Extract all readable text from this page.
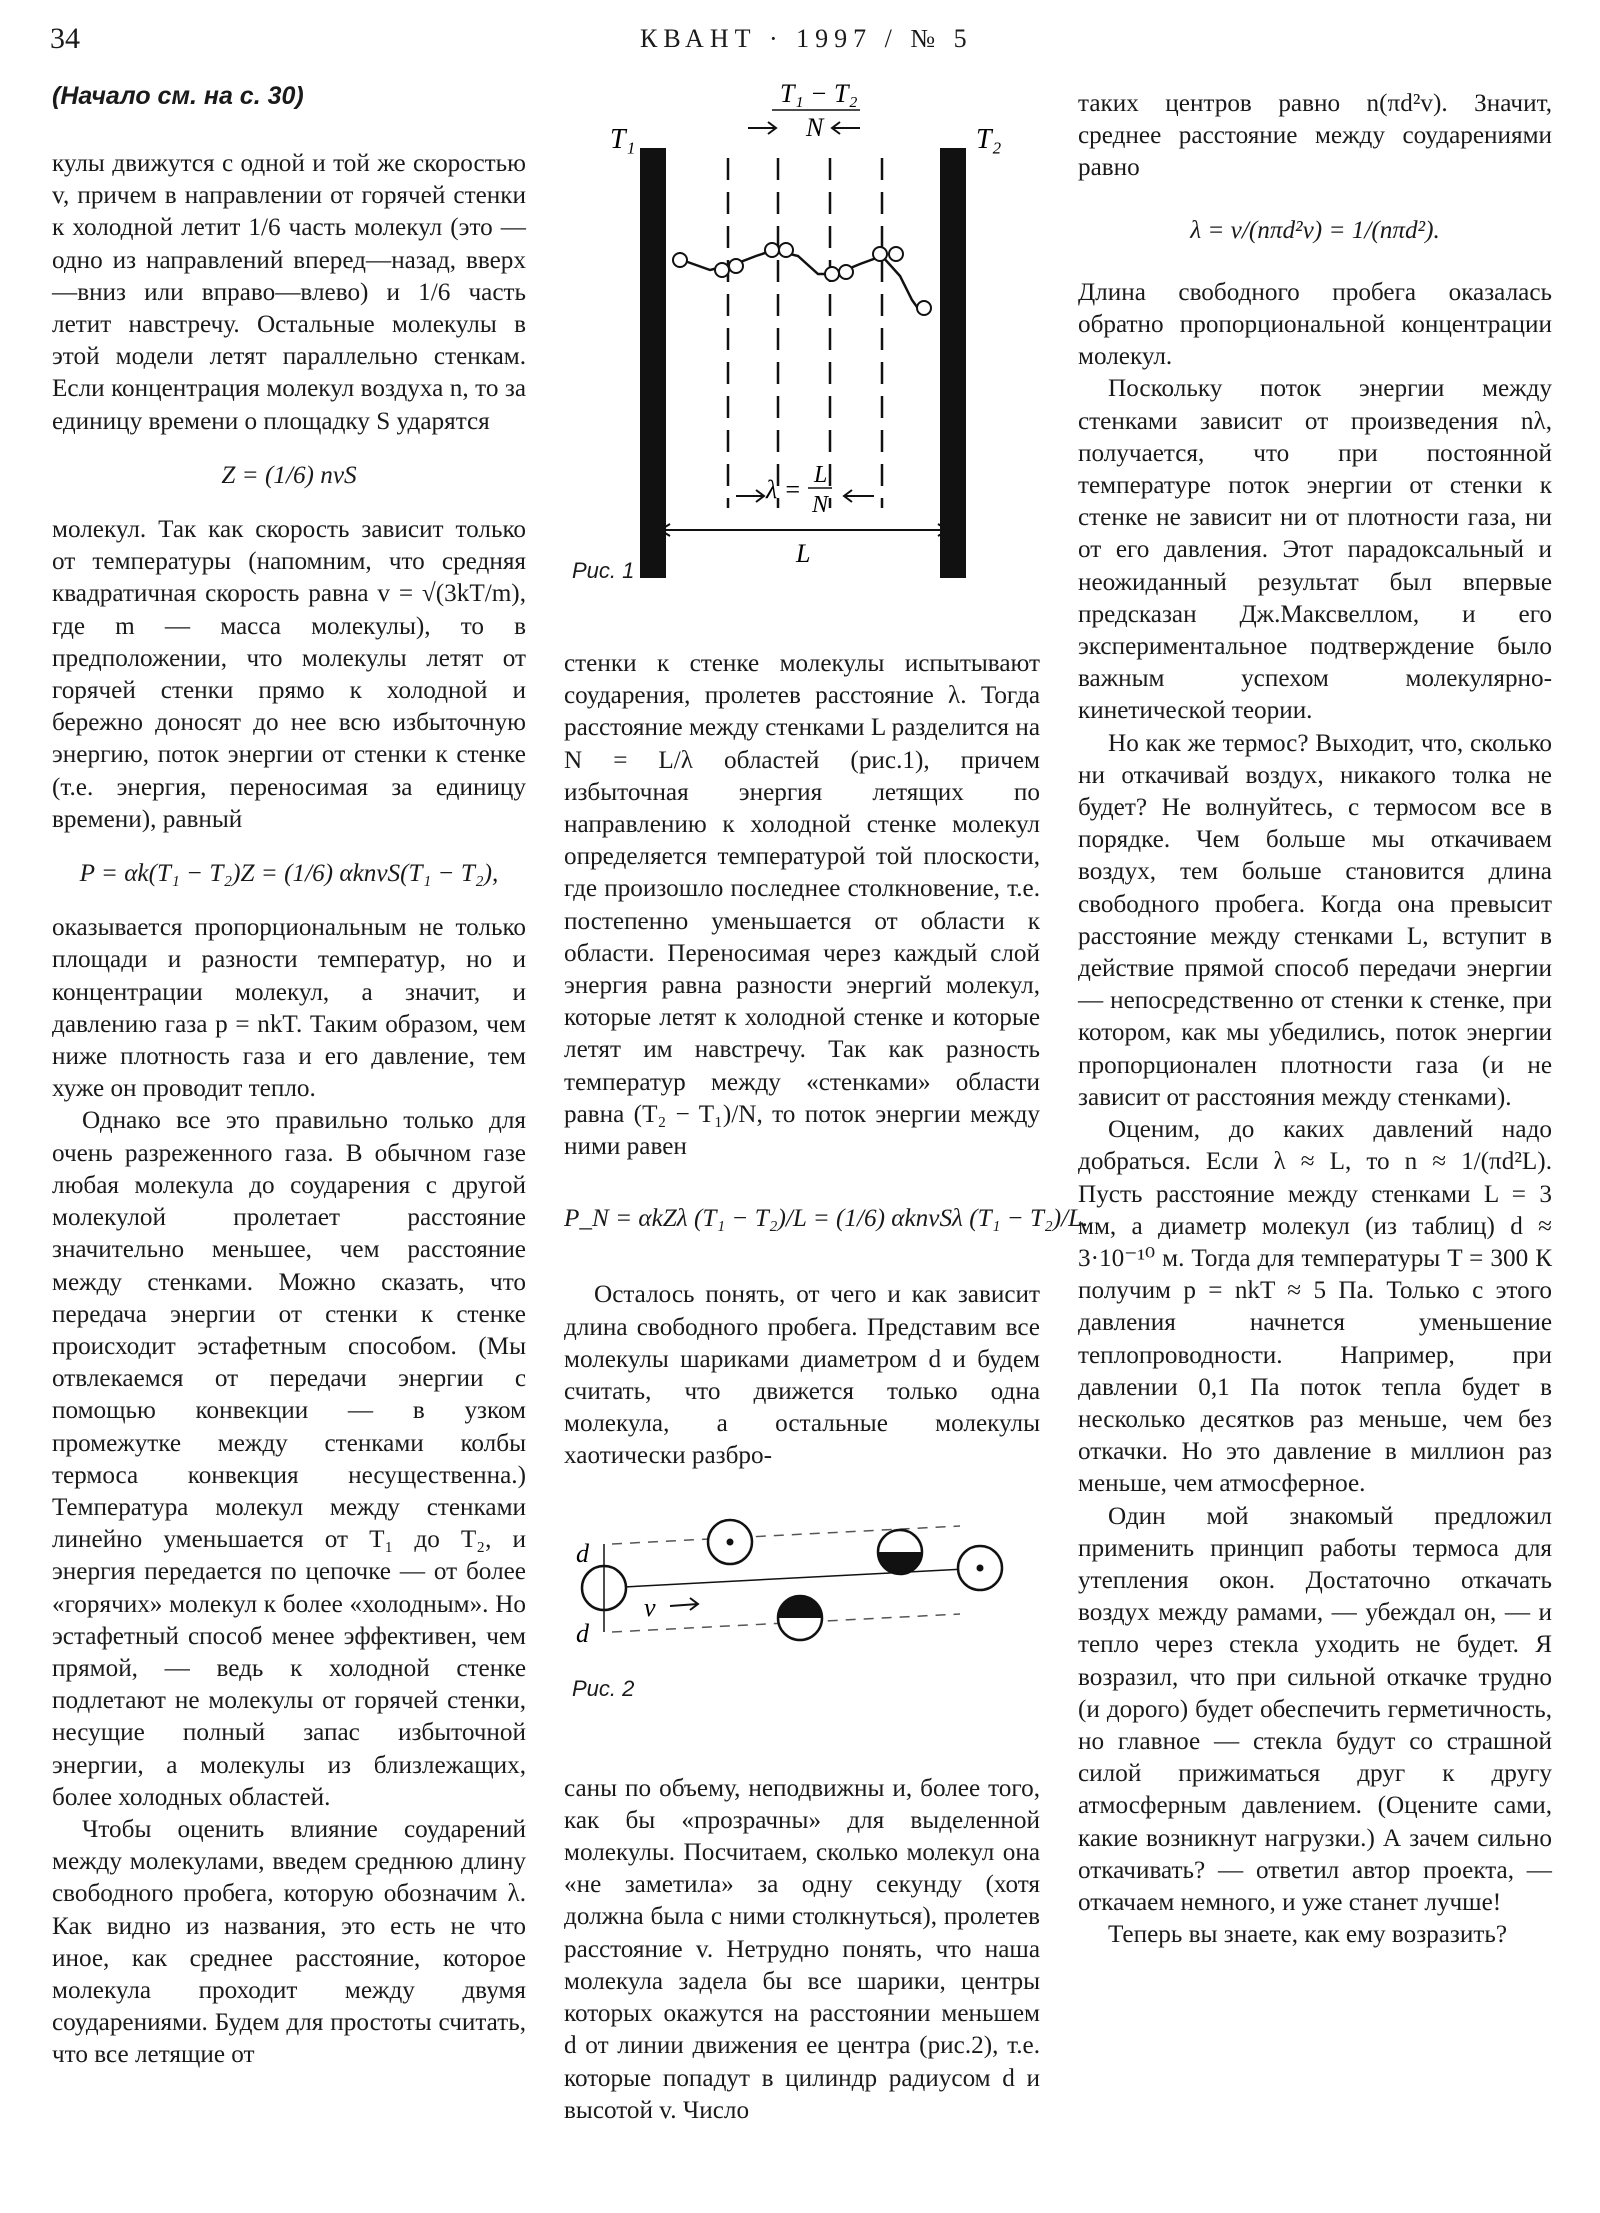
34	КВАНТ · 1997 / № 5
(Начало см. на с. 30)

кулы движутся с одной и той же скоростью v, причем в направлении от горячей стенки к холодной летит 1/6 часть молекул (это — одно из направлений вперед—назад, вверх—вниз или вправо—влево) и 1/6 часть летит навстречу. Остальные молекулы в этой модели летят параллельно стенкам. Если концентрация молекул воздуха n, то за единицу времени о площадку S ударятся

Z = (1/6) nvS

молекул. Так как скорость зависит только от температуры (напомним, что средняя квадратичная скорость равна v = √(3kT/m), где m — масса молекулы), то в предположении, что молекулы летят от горячей стенки прямо к холодной и бережно доносят до нее всю избыточную энергию, поток энергии от стенки к стенке (т.е. энергия, переносимая за единицу времени), равный

P = αk(T₁ − T₂)Z = (1/6) αknvS(T₁ − T₂),

оказывается пропорциональным не только площади и разности температур, но и концентрации молекул, а значит, и давлению газа p = nkT. Таким образом, чем ниже плотность газа и его давление, тем хуже он проводит тепло.

Однако все это правильно только для очень разреженного газа. В обычном газе любая молекула до соударения с другой молекулой пролетает расстояние значительно меньшее, чем расстояние между стенками. Можно сказать, что передача энергии от стенки к стенке происходит эстафетным способом. (Мы отвлекаемся от передачи энергии с помощью конвекции — в узком промежутке между стенками колбы термоса конвекция несущественна.) Температура молекул между стенками линейно уменьшается от T₁ до T₂, и энергия передается по цепочке — от более «горячих» молекул к более «холодным». Но эстафетный способ менее эффективен, чем прямой, — ведь к холодной стенке подлетают не молекулы от горячей стенки, несущие полный запас избыточной энергии, а молекулы из близлежащих, более холодных областей.

Чтобы оценить влияние соударений между молекулами, введем среднюю длину свободного пробега, которую обозначим λ. Как видно из названия, это есть не что иное, как среднее расстояние, которое молекула проходит между двумя соударениями. Будем для простоты считать, что все летящие от

T₁	T₂
T₁ − T₂
N
λ = L
N
L
Рис. 1

стенки к стенке молекулы испытывают соударения, пролетев расстояние λ. Тогда расстояние между стенками L разделится на N = L/λ областей (рис.1), причем избыточная энергия летящих по направлению к холодной стенке молекул определяется температурой той плоскости, где произошло последнее столкновение, т.е. постепенно уменьшается от области к области. Переносимая через каждый слой энергия равна разности энергий молекул, которые летят к холодной стенке и которые летят им навстречу. Так как разность температур между «стенками» области равна (T₂ − T₁)/N, то поток энергии между ними равен

P_N = αkZλ (T₁ − T₂)/L = (1/6) αknvSλ (T₁ − T₂)/L.

Осталось понять, от чего и как зависит длина свободного пробега. Представим все молекулы шариками диаметром d и будем считать, что движется только одна молекула, а остальные молекулы хаотически разбро-

саны по объему, неподвижны и, более того, как бы «прозрачны» для выделенной молекулы. Посчитаем, сколько молекул она «не заметила» за одну секунду (хотя должна была с ними столкнуться), пролетев расстояние v. Нетрудно понять, что наша молекула задела бы все шарики, центры которых окажутся на расстоянии меньшем d от линии движения ее центра (рис.2), т.е. которые попадут в цилиндр радиусом d и высотой v. Число

d
d
v
Рис. 2

таких центров равно n(πd²v). Значит, среднее расстояние между соударениями равно

λ = v/(nπd²v) = 1/(nπd²).

Длина свободного пробега оказалась обратно пропорциональной концентрации молекул.

Поскольку поток энергии между стенками зависит от произведения nλ, получается, что при постоянной температуре поток энергии от стенки к стенке не зависит ни от плотности газа, ни от его давления. Этот парадоксальный и неожиданный результат был впервые предсказан Дж.Максвеллом, и его экспериментальное подтверждение было важным успехом молекулярно-кинетической теории.

Но как же термос? Выходит, что, сколько ни откачивай воздух, никакого толка не будет? Не волнуйтесь, с термосом все в порядке. Чем больше мы откачиваем воздух, тем больше становится длина свободного пробега. Когда она превысит расстояние между стенками L, вступит в действие прямой способ передачи энергии — непосредственно от стенки к стенке, при котором, как мы убедились, поток энергии пропорционален плотности газа (и не зависит от расстояния между стенками).

Оценим, до каких давлений надо добраться. Если λ ≈ L, то n ≈ 1/(πd²L). Пусть расстояние между стенками L = 3 мм, а диаметр молекул (из таблиц) d ≈ 3·10⁻¹⁰ м. Тогда для температуры T = 300 К получим p = nkT ≈ 5 Па. Только с этого давления начнется уменьшение теплопроводности. Например, при давлении 0,1 Па поток тепла будет в несколько десятков раз меньше, чем без откачки. Но это давление в миллион раз меньше, чем атмосферное.

Один мой знакомый предложил применить принцип работы термоса для утепления окон. Достаточно откачать воздух между рамами, — убеждал он, — и тепло через стекла уходить не будет. Я возразил, что при сильной откачке трудно (и дорого) будет обеспечить герметичность, но главное — стекла будут со страшной силой прижиматься друг к другу атмосферным давлением. (Оцените сами, какие возникнут нагрузки.) А зачем сильно откачивать? — ответил автор проекта, — откачаем немного, и уже станет лучше!

Теперь вы знаете, как ему возразить?
